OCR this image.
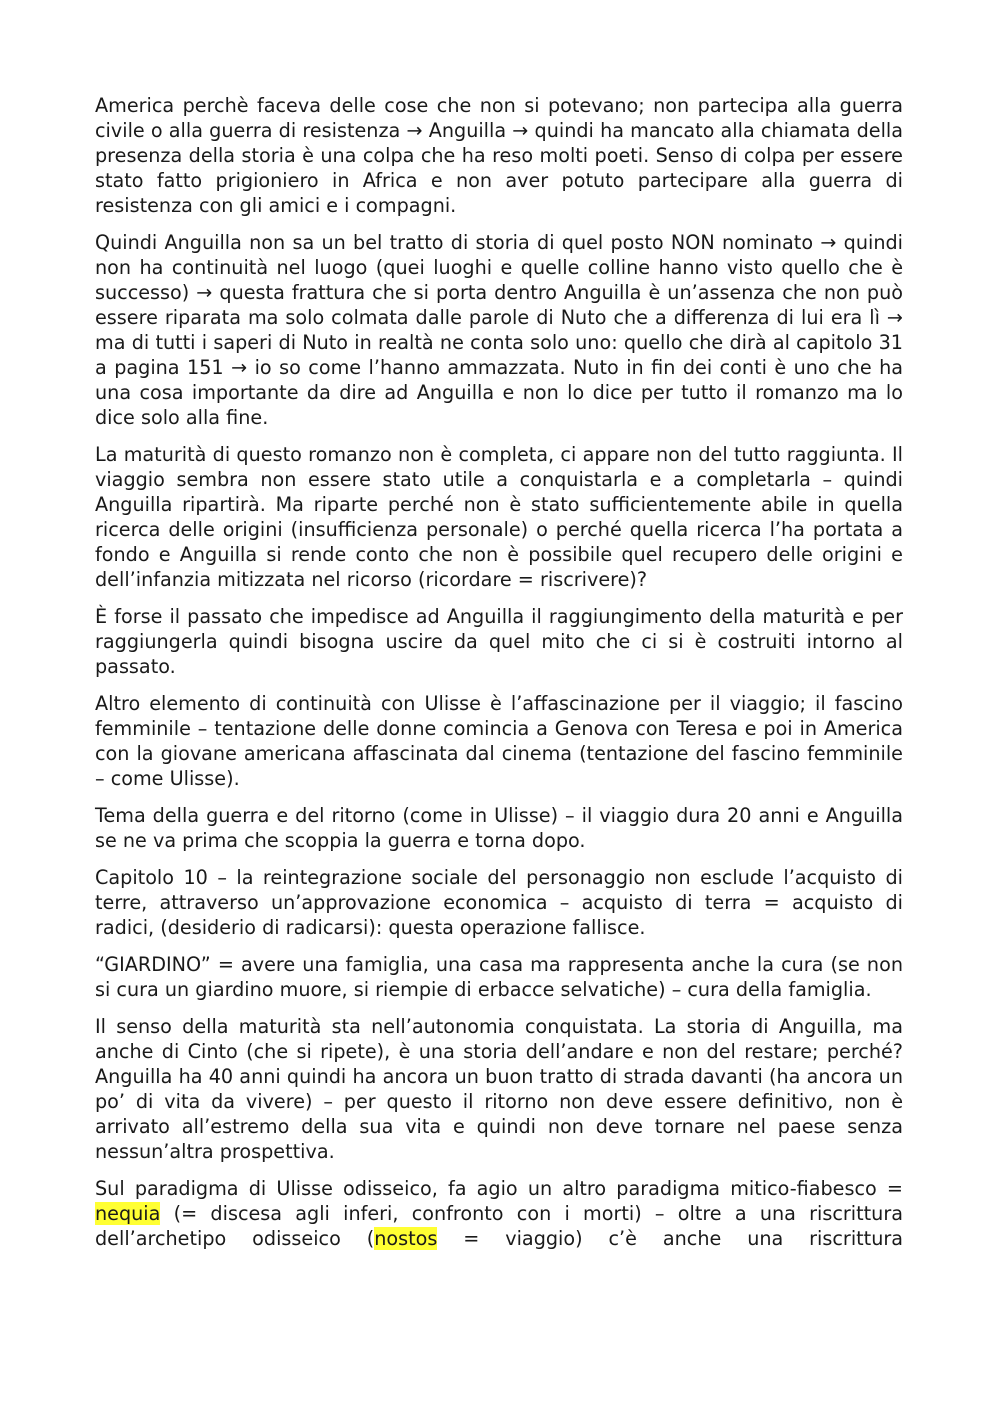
America perchè faceva delle cose che non si potevano; non partecipa alla guerra civile o alla guerra di resistenza → Anguilla → quindi ha mancato alla chiamata della presenza della storia è una colpa che ha reso molti poeti. Senso di colpa per essere stato fatto prigioniero in Africa e non aver potuto partecipare alla guerra di resistenza con gli amici e i compagni.

Quindi Anguilla non sa un bel tratto di storia di quel posto NON nominato → quindi non ha continuità nel luogo (quei luoghi e quelle colline hanno visto quello che è successo) → questa frattura che si porta dentro Anguilla è un’assenza che non può essere riparata ma solo colmata dalle parole di Nuto che a differenza di lui era lì → ma di tutti i saperi di Nuto in realtà ne conta solo uno: quello che dirà al capitolo 31 a pagina 151 → io so come l’hanno ammazzata. Nuto in fin dei conti è uno che ha una cosa importante da dire ad Anguilla e non lo dice per tutto il romanzo ma lo dice solo alla fine.

La maturità di questo romanzo non è completa, ci appare non del tutto raggiunta. Il viaggio sembra non essere stato utile a conquistarla e a completarla – quindi Anguilla ripartirà. Ma riparte perché non è stato sufficientemente abile in quella ricerca delle origini (insufficienza personale) o perché quella ricerca l’ha portata a fondo e Anguilla si rende conto che non è possibile quel recupero delle origini e dell’infanzia mitizzata nel ricorso (ricordare = riscrivere)?

È forse il passato che impedisce ad Anguilla il raggiungimento della maturità e per raggiungerla quindi bisogna uscire da quel mito che ci si è costruiti intorno al passato.

Altro elemento di continuità con Ulisse è l’affascinazione per il viaggio; il fascino femminile – tentazione delle donne comincia a Genova con Teresa e poi in America con la giovane americana affascinata dal cinema (tentazione del fascino femminile – come Ulisse).

Tema della guerra e del ritorno (come in Ulisse) – il viaggio dura 20 anni e Anguilla se ne va prima che scoppia la guerra e torna dopo.

Capitolo 10 – la reintegrazione sociale del personaggio non esclude l’acquisto di terre, attraverso un’approvazione economica – acquisto di terra = acquisto di radici, (desiderio di radicarsi): questa operazione fallisce.

“GIARDINO” = avere una famiglia, una casa ma rappresenta anche la cura (se non si cura un giardino muore, si riempie di erbacce selvatiche) – cura della famiglia.

Il senso della maturità sta nell’autonomia conquistata. La storia di Anguilla, ma anche di Cinto (che si ripete), è una storia dell’andare e non del restare; perché? Anguilla ha 40 anni quindi ha ancora un buon tratto di strada davanti (ha ancora un po’ di vita da vivere) – per questo il ritorno non deve essere definitivo, non è arrivato all’estremo della sua vita e quindi non deve tornare nel paese senza nessun’altra prospettiva.

Sul paradigma di Ulisse odisseico, fa agio un altro paradigma mitico-fiabesco = nequia (= discesa agli inferi, confronto con i morti) – oltre a una riscrittura dell’archetipo odisseico (nostos = viaggio) c’è anche una riscrittura
